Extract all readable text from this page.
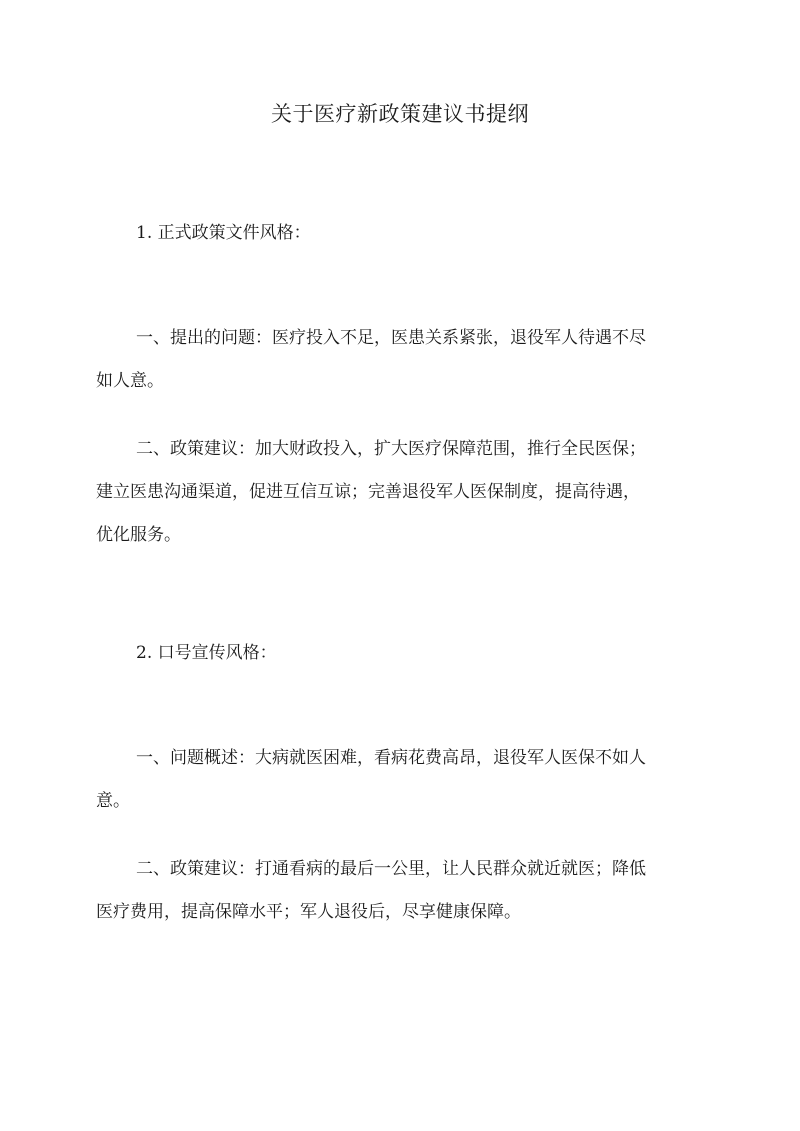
关于医疗新政策建议书提纲
1. 正式政策文件风格：
一、提出的问题：医疗投入不足，医患关系紧张，退役军人待遇不尽
如人意。
二、政策建议：加大财政投入，扩大医疗保障范围，推行全民医保；
建立医患沟通渠道，促进互信互谅；完善退役军人医保制度，提高待遇，
优化服务。
2. 口号宣传风格：
一、问题概述：大病就医困难，看病花费高昂，退役军人医保不如人
意。
二、政策建议：打通看病的最后一公里，让人民群众就近就医；降低
医疗费用，提高保障水平；军人退役后，尽享健康保障。
